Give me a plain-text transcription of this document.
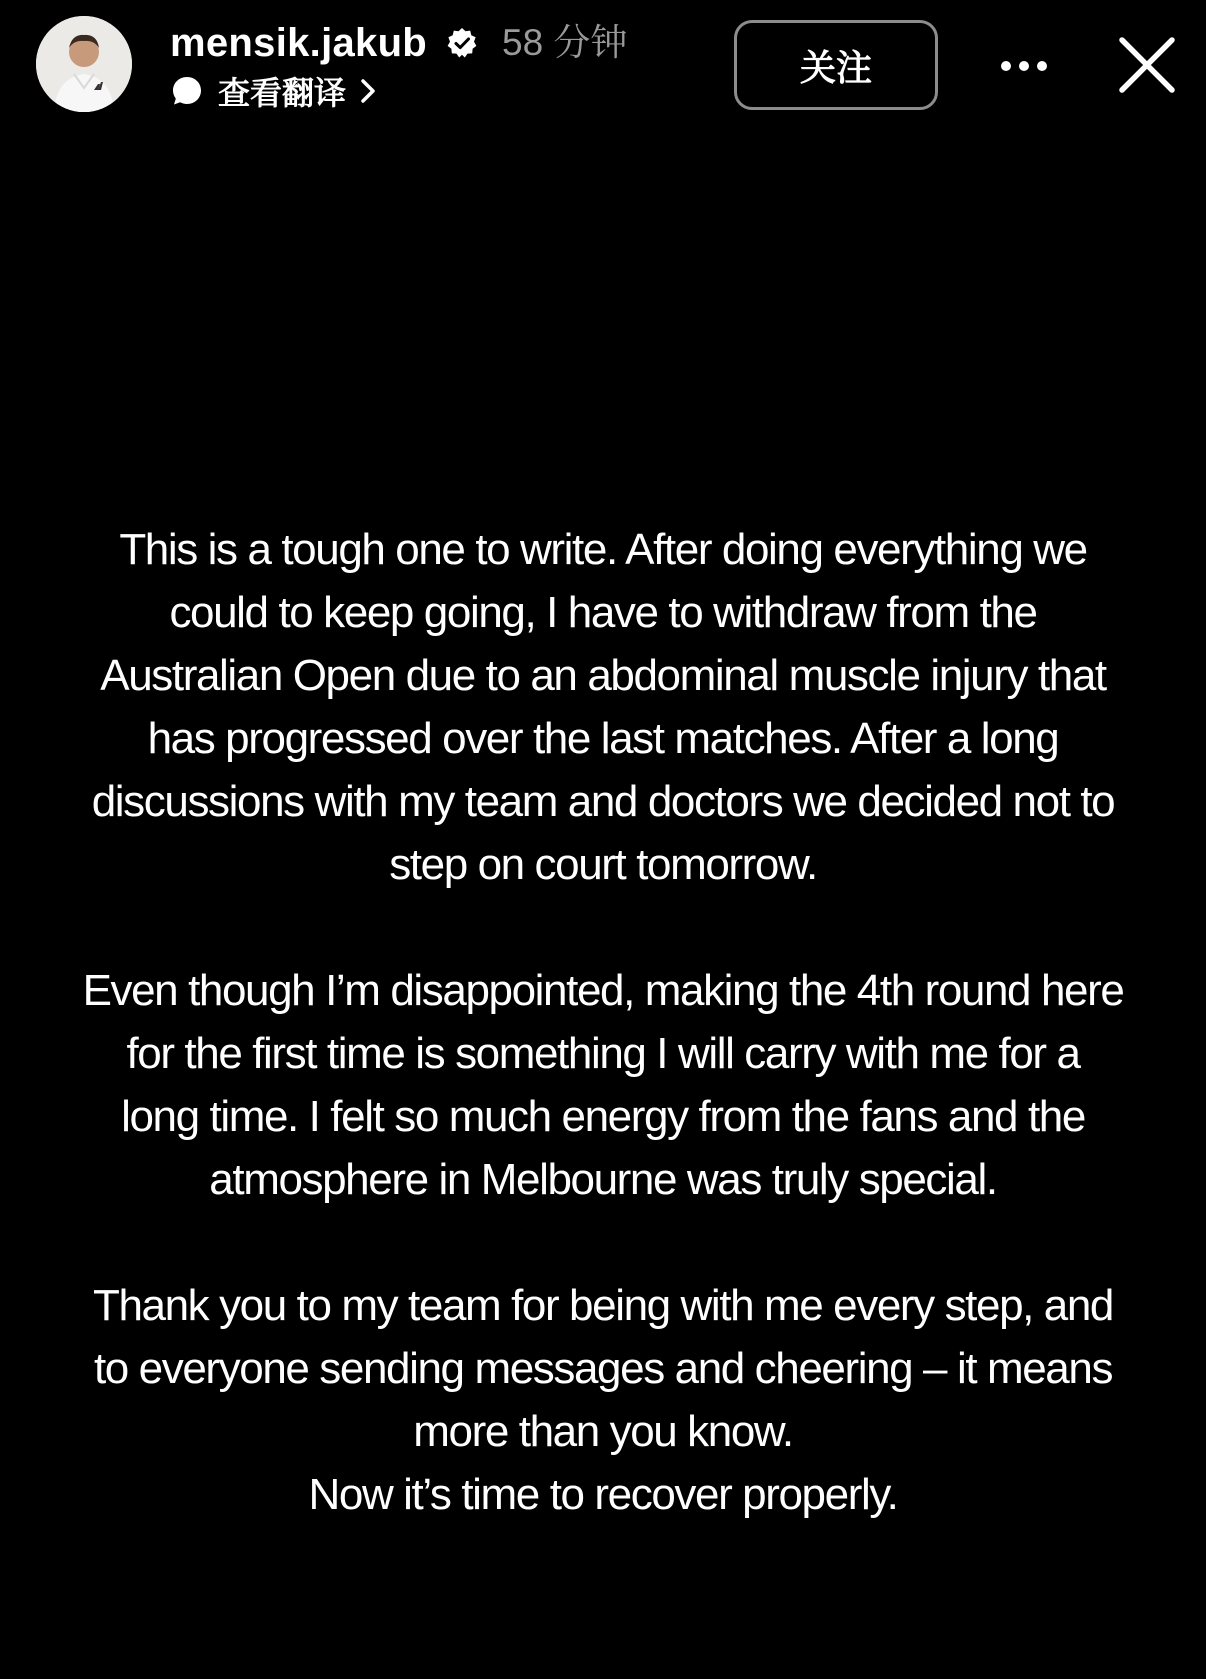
mensik.jakub 58 分钟
查看翻译
关注

This is a tough one to write. After doing everything we
could to keep going, I have to withdraw from the
Australian Open due to an abdominal muscle injury that
has progressed over the last matches. After a long
discussions with my team and doctors we decided not to
step on court tomorrow.

Even though I’m disappointed, making the 4th round here
for the first time is something I will carry with me for a
long time. I felt so much energy from the fans and the
atmosphere in Melbourne was truly special.

Thank you to my team for being with me every step, and
to everyone sending messages and cheering – it means
more than you know.
Now it’s time to recover properly.
